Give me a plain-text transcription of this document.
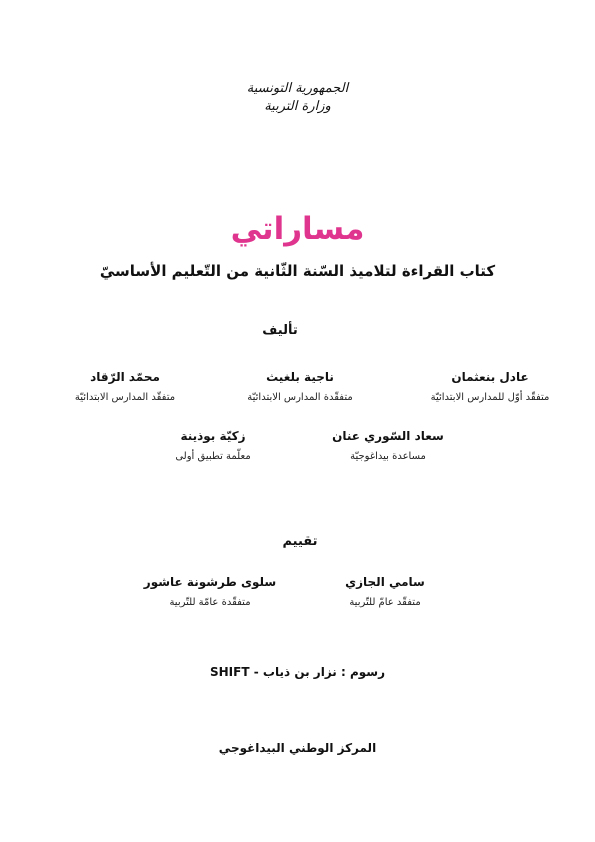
الجمهورية التونسية
وزارة التربية
مساراتي
كتاب القراءة لتلاميذ السّنة الثّانية من التّعليم الأساسيّ
تأليف
عادل بنعثمان
متفقّد أوّل للمدارس الابتدائيّة
ناجية بلغيث
متفقّدة المدارس الابتدائيّة
محمّد الرّقاد
متفقّد المدارس الابتدائيّة
سعاد السّوري عنان
مساعدة بيداغوجيّة
زكيّة بوذينة
معلّمة تطبيق أولى
تقييم
سامي الجازي
متفقّد عامّ للتّربية
سلوى طرشونة عاشور
متفقّدة عامّة للتّربية
رسوم : نزار بن ذياب - SHIFT
المركز الوطني البيداغوجي
